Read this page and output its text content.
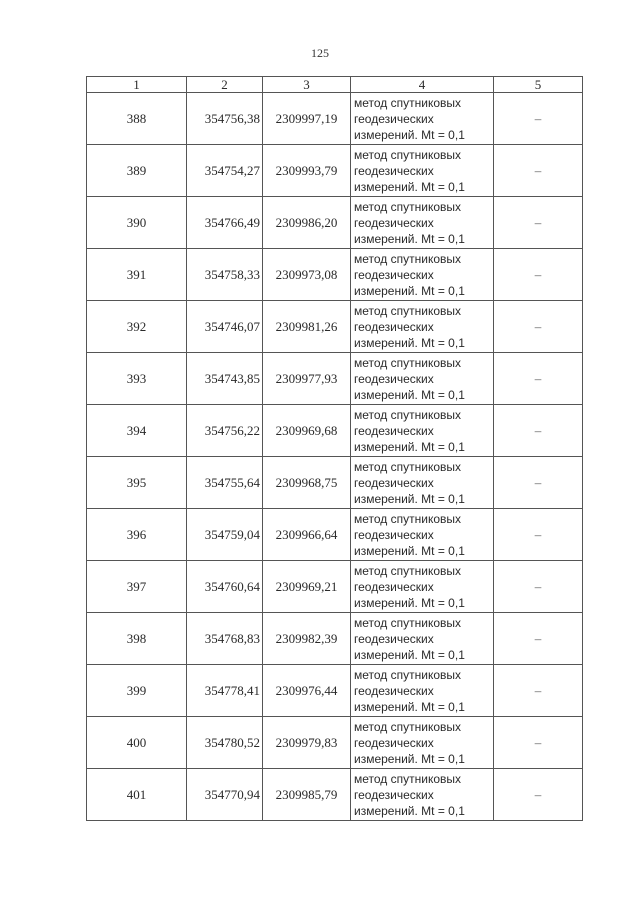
125
1	2	3	4	5
388	354756,38	2309997,19	метод спутниковых
геодезических
измерений. Mt = 0,1	–
389	354754,27	2309993,79	метод спутниковых
геодезических
измерений. Mt = 0,1	–
390	354766,49	2309986,20	метод спутниковых
геодезических
измерений. Mt = 0,1	–
391	354758,33	2309973,08	метод спутниковых
геодезических
измерений. Mt = 0,1	–
392	354746,07	2309981,26	метод спутниковых
геодезических
измерений. Mt = 0,1	–
393	354743,85	2309977,93	метод спутниковых
геодезических
измерений. Mt = 0,1	–
394	354756,22	2309969,68	метод спутниковых
геодезических
измерений. Mt = 0,1	–
395	354755,64	2309968,75	метод спутниковых
геодезических
измерений. Mt = 0,1	–
396	354759,04	2309966,64	метод спутниковых
геодезических
измерений. Mt = 0,1	–
397	354760,64	2309969,21	метод спутниковых
геодезических
измерений. Mt = 0,1	–
398	354768,83	2309982,39	метод спутниковых
геодезических
измерений. Mt = 0,1	–
399	354778,41	2309976,44	метод спутниковых
геодезических
измерений. Mt = 0,1	–
400	354780,52	2309979,83	метод спутниковых
геодезических
измерений. Mt = 0,1	–
401	354770,94	2309985,79	метод спутниковых
геодезических
измерений. Mt = 0,1	–
